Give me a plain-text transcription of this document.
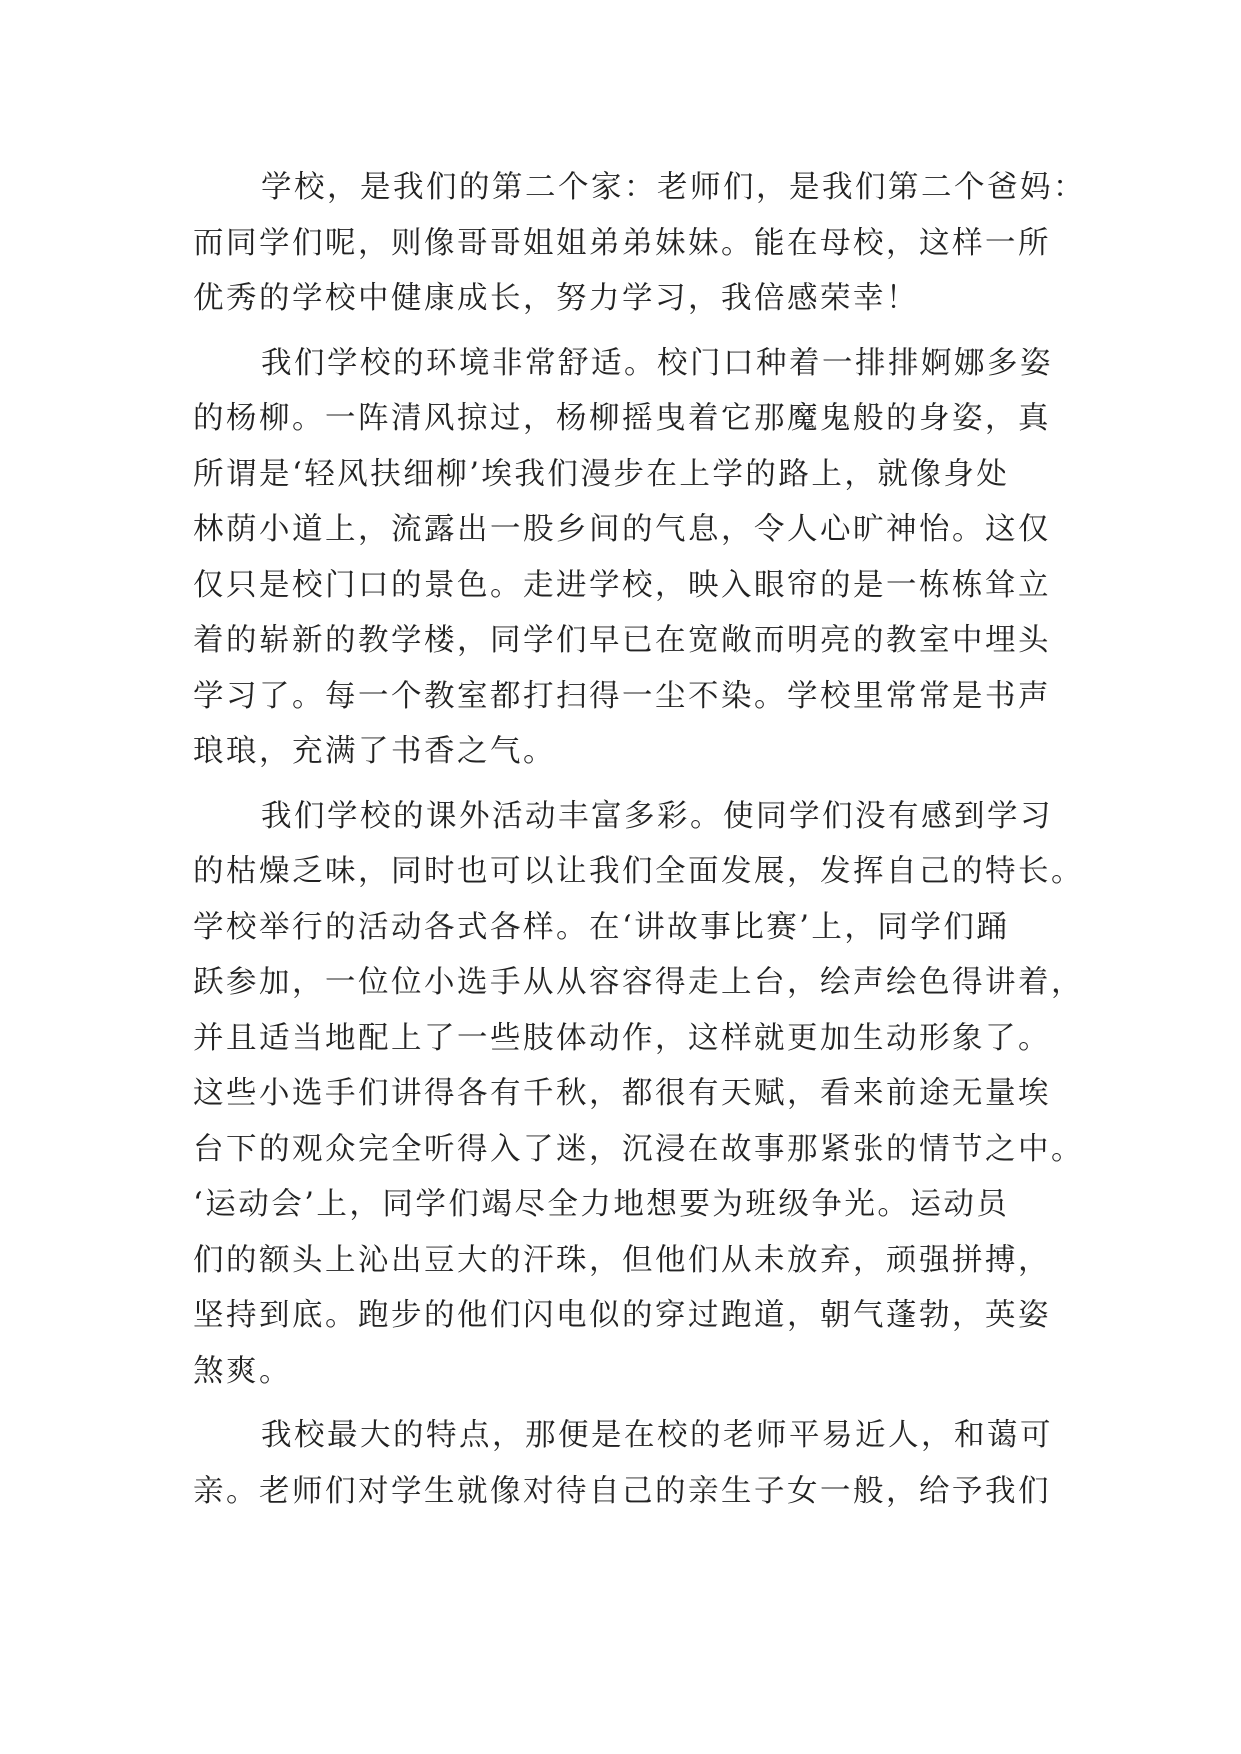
学校，是我们的第二个家：老师们，是我们第二个爸妈：
而同学们呢，则像哥哥姐姐弟弟妹妹。能在母校，这样一所
优秀的学校中健康成长，努力学习，我倍感荣幸！
我们学校的环境非常舒适。校门口种着一排排婀娜多姿
的杨柳。一阵清风掠过，杨柳摇曳着它那魔鬼般的身姿，真
所谓是‘轻风扶细柳’埃我们漫步在上学的路上，就像身处
林荫小道上，流露出一股乡间的气息，令人心旷神怡。这仅
仅只是校门口的景色。走进学校，映入眼帘的是一栋栋耸立
着的崭新的教学楼，同学们早已在宽敞而明亮的教室中埋头
学习了。每一个教室都打扫得一尘不染。学校里常常是书声
琅琅，充满了书香之气。
我们学校的课外活动丰富多彩。使同学们没有感到学习
的枯燥乏味，同时也可以让我们全面发展，发挥自己的特长。
学校举行的活动各式各样。在‘讲故事比赛’上，同学们踊
跃参加，一位位小选手从从容容得走上台，绘声绘色得讲着，
并且适当地配上了一些肢体动作，这样就更加生动形象了。
这些小选手们讲得各有千秋，都很有天赋，看来前途无量埃
台下的观众完全听得入了迷，沉浸在故事那紧张的情节之中。
‘运动会’上，同学们竭尽全力地想要为班级争光。运动员
们的额头上沁出豆大的汗珠，但他们从未放弃，顽强拼搏，
坚持到底。跑步的他们闪电似的穿过跑道，朝气蓬勃，英姿
煞爽。
我校最大的特点，那便是在校的老师平易近人，和蔼可
亲。老师们对学生就像对待自己的亲生子女一般，给予我们
